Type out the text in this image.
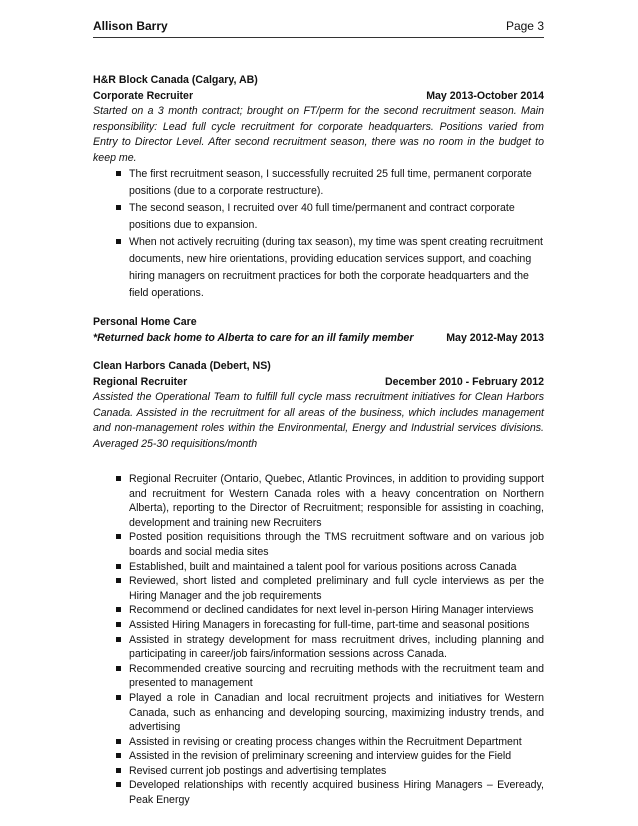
Allison Barry	Page 3

H&R Block Canada (Calgary, AB)

Corporate Recruiter	May 2013-October 2014

Started on a 3 month contract; brought on FT/perm for the second recruitment season. Main responsibility: Lead full cycle recruitment for corporate headquarters. Positions varied from Entry to Director Level. After second recruitment season, there was no room in the budget to keep me.

The first recruitment season, I successfully recruited 25 full time, permanent corporate positions (due to a corporate restructure).
The second season, I recruited over 40 full time/permanent and contract corporate positions due to expansion.
When not actively recruiting (during tax season), my time was spent creating recruitment documents, new hire orientations, providing education services support, and coaching hiring managers on recruitment practices for both the corporate headquarters and the field operations.

Personal Home Care

*Returned back home to Alberta to care for an ill family member	May 2012-May 2013

Clean Harbors Canada (Debert, NS)

Regional Recruiter	December 2010 - February 2012

Assisted the Operational Team to fulfill full cycle mass recruitment initiatives for Clean Harbors Canada. Assisted in the recruitment for all areas of the business, which includes management and non-management roles within the Environmental, Energy and Industrial services divisions. Averaged 25-30 requisitions/month

Regional Recruiter (Ontario, Quebec, Atlantic Provinces, in addition to providing support and recruitment for Western Canada roles with a heavy concentration on Northern Alberta), reporting to the Director of Recruitment; responsible for assisting in coaching, development and training new Recruiters
Posted position requisitions through the TMS recruitment software and on various job boards and social media sites
Established, built and maintained a talent pool for various positions across Canada
Reviewed, short listed and completed preliminary and full cycle interviews as per the Hiring Manager and the job requirements
Recommend or declined candidates for next level in-person Hiring Manager interviews
Assisted Hiring Managers in forecasting for full-time, part-time and seasonal positions
Assisted in strategy development for mass recruitment drives, including planning and participating in career/job fairs/information sessions across Canada.
Recommended creative sourcing and recruiting methods with the recruitment team and presented to management
Played a role in Canadian and local recruitment projects and initiatives for Western Canada, such as enhancing and developing sourcing, maximizing industry trends, and advertising
Assisted in revising or creating process changes within the Recruitment Department
Assisted in the revision of preliminary screening and interview guides for the Field
Revised current job postings and advertising templates
Developed relationships with recently acquired business Hiring Managers – Eveready, Peak Energy
